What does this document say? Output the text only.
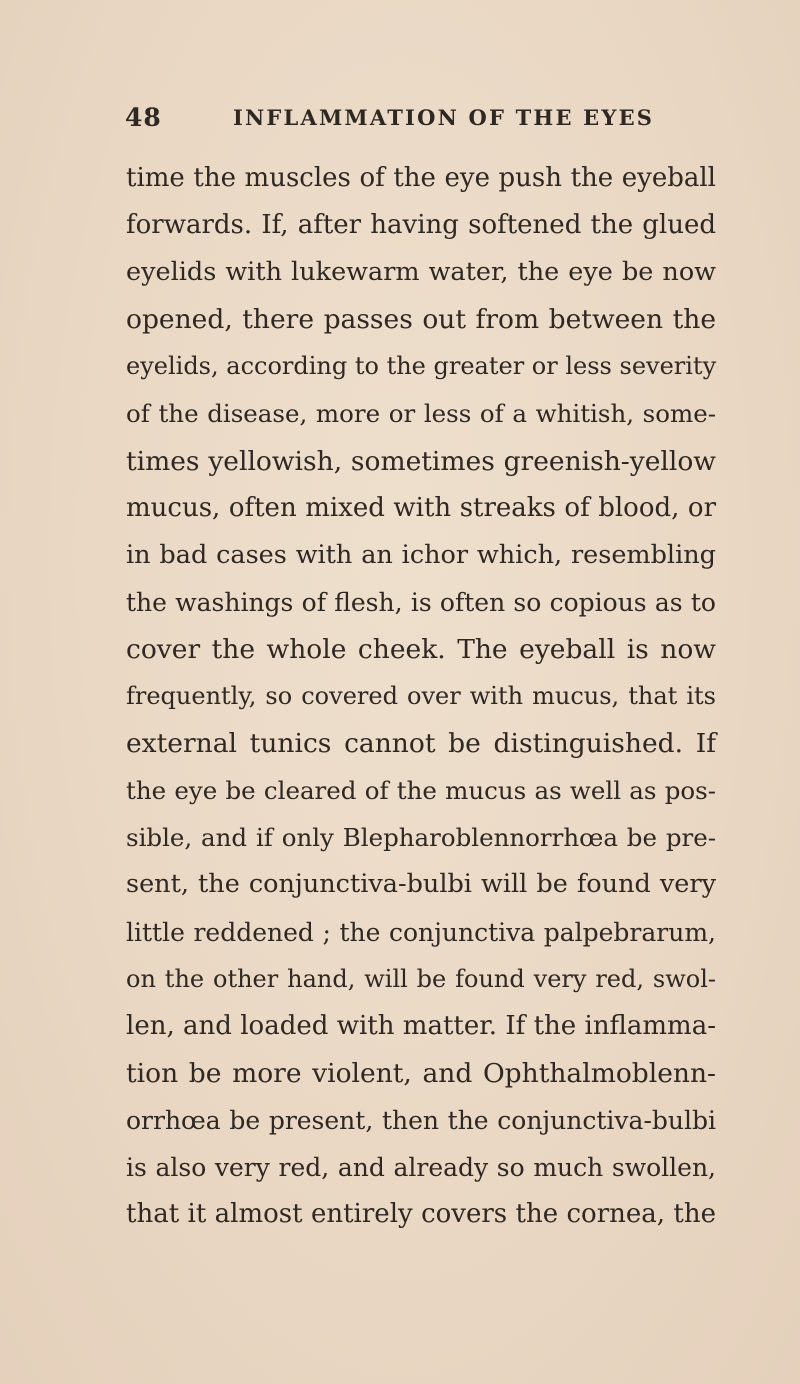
48	INFLAMMATION OF THE EYES
time the muscles of the eye push the eyeball
forwards. If, after having softened the glued
eyelids with lukewarm water, the eye be now
opened, there passes out from between the
eyelids, according to the greater or less severity
of the disease, more or less of a whitish, some-
times yellowish, sometimes greenish-yellow
mucus, often mixed with streaks of blood, or
in bad cases with an ichor which, resembling
the washings of flesh, is often so copious as to
cover the whole cheek. The eyeball is now
frequently, so covered over with mucus, that its
external tunics cannot be distinguished. If
the eye be cleared of the mucus as well as pos-
sible, and if only Blepharoblennorrhœa be pre-
sent, the conjunctiva-bulbi will be found very
little reddened ; the conjunctiva palpebrarum,
on the other hand, will be found very red, swol-
len, and loaded with matter. If the inflamma-
tion be more violent, and Ophthalmoblenn-
orrhœa be present, then the conjunctiva-bulbi
is also very red, and already so much swollen,
that it almost entirely covers the cornea, the
